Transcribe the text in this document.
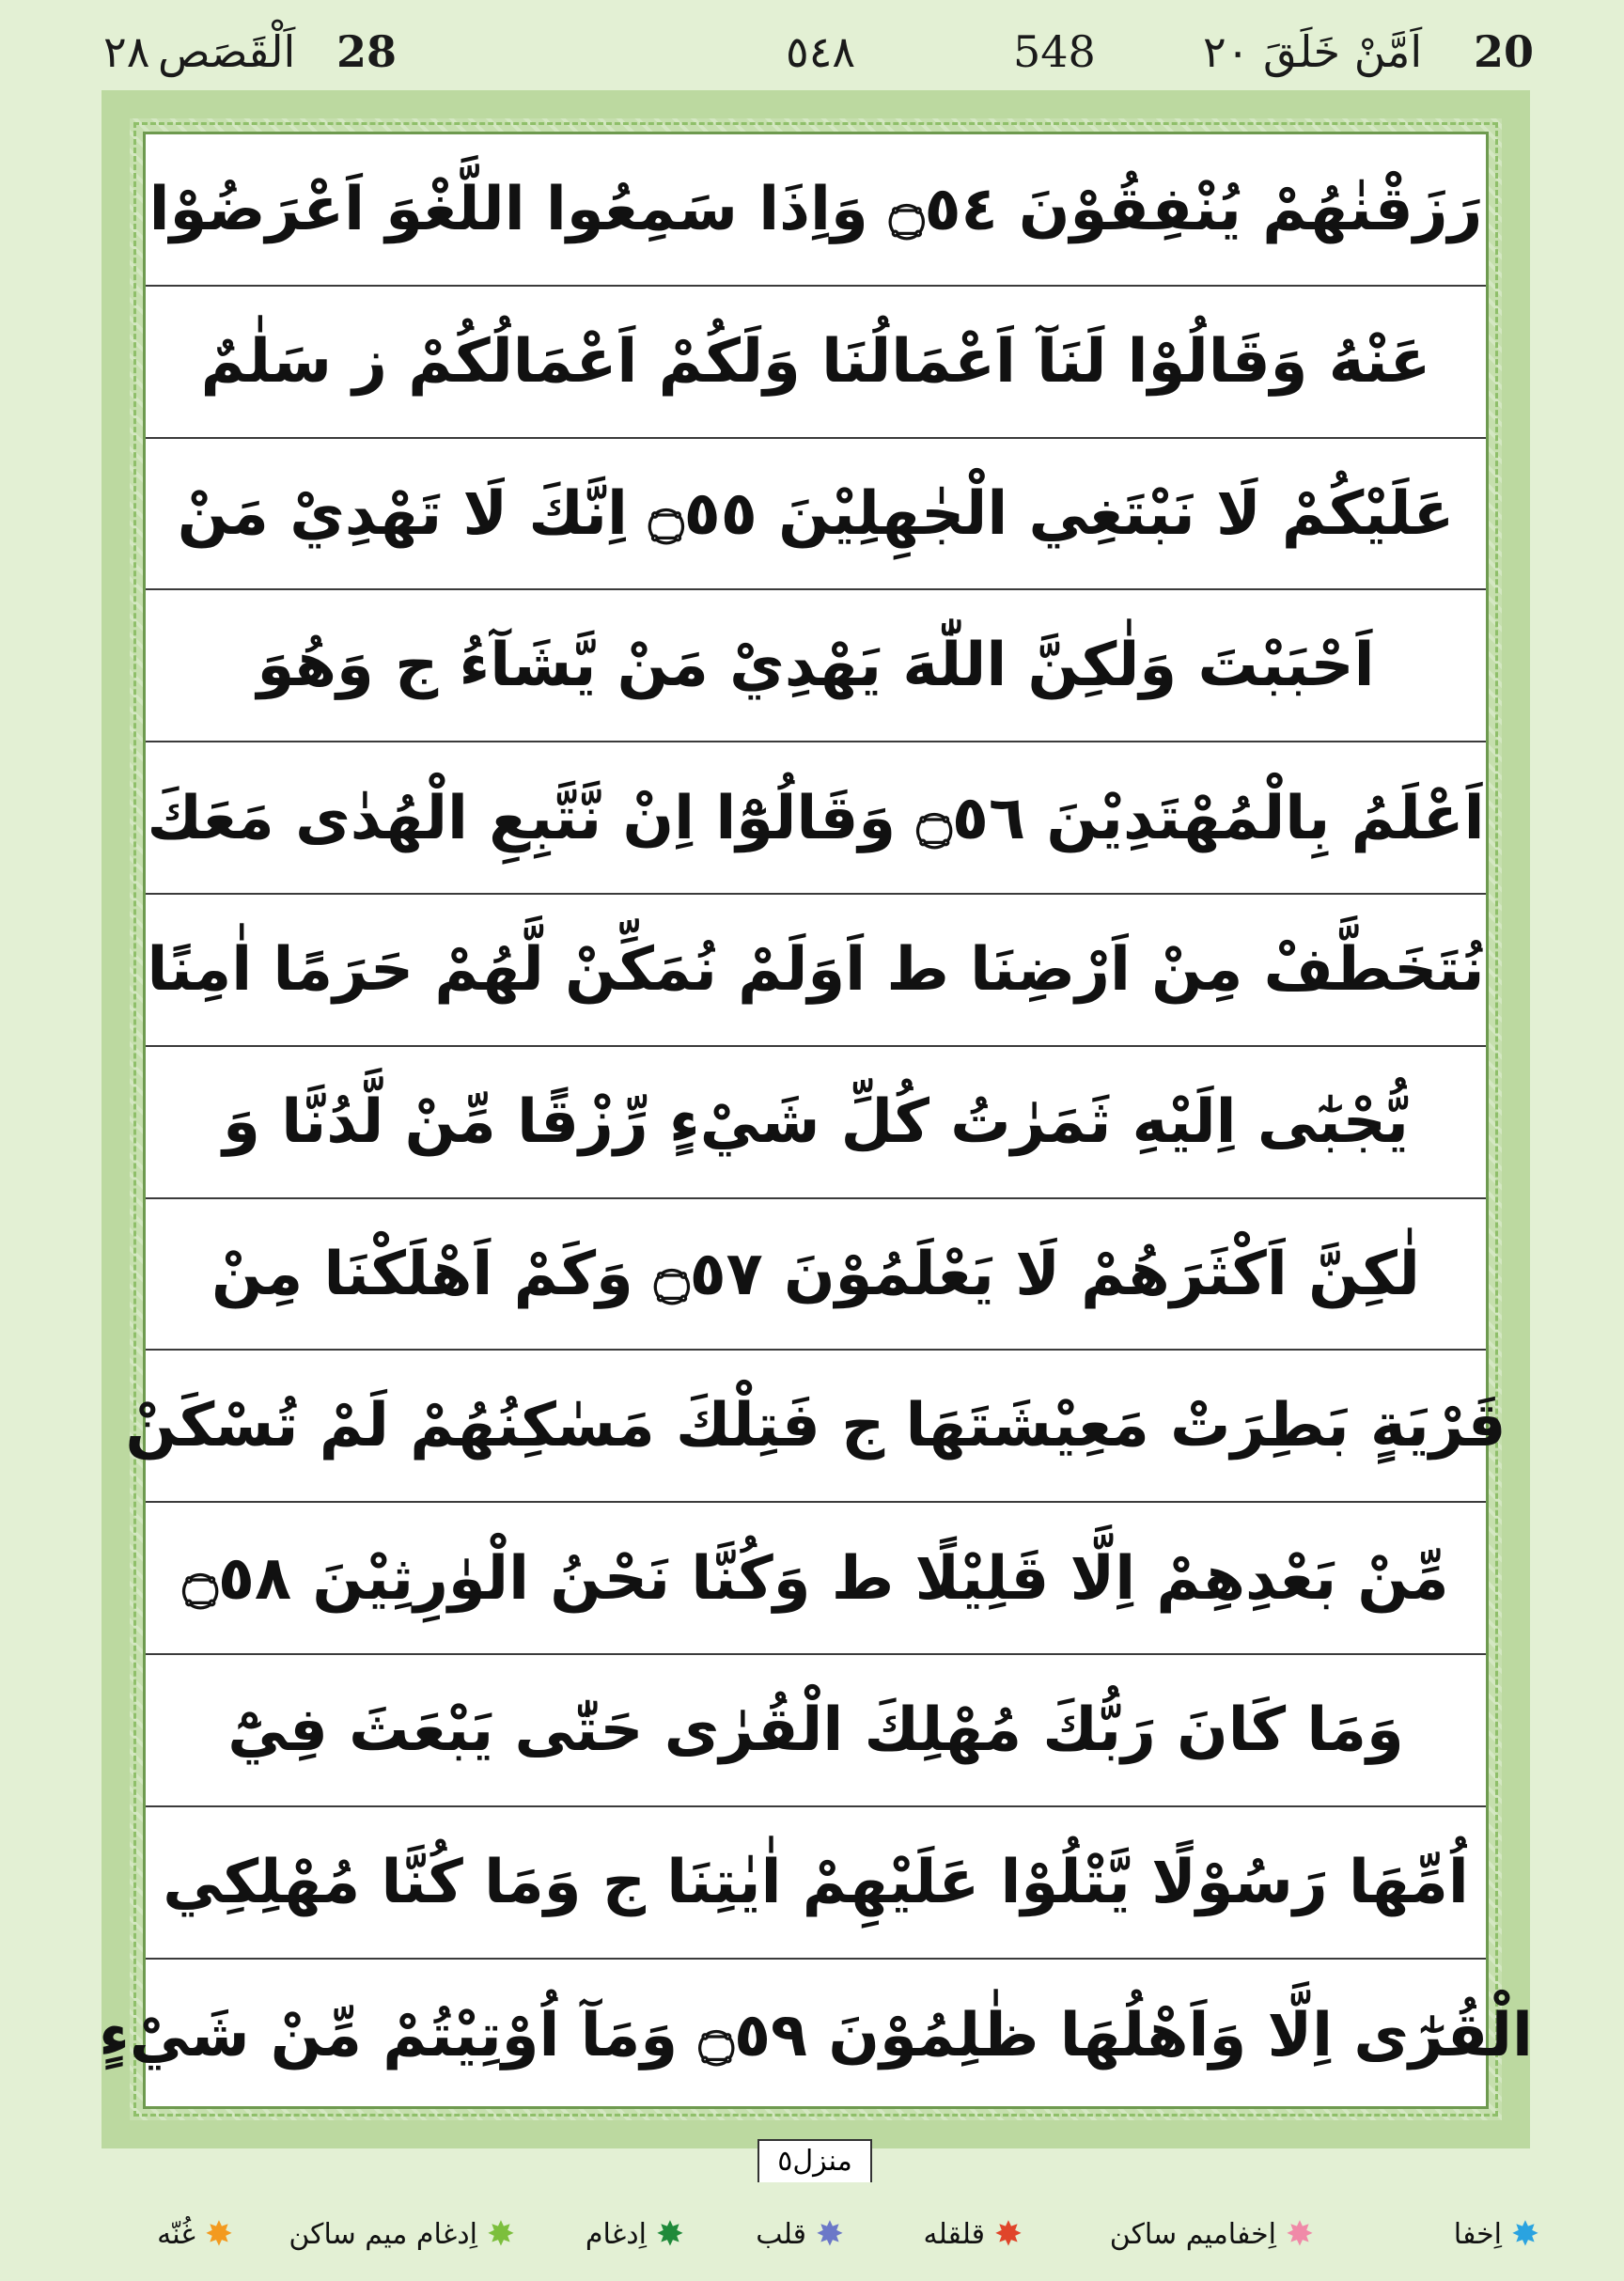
20
اَمَّنْ خَلَقَ ٢٠
548
٥٤٨
28
اَلْقَصَص
٢٨
رَزَقْنٰهُمْ يُنْفِقُوْنَ ۝٥٤ وَاِذَا سَمِعُوا اللَّغْوَ اَعْرَضُوْا
عَنْهُ وَقَالُوْا لَنَآ اَعْمَالُنَا وَلَكُمْ اَعْمَالُكُمْ ز سَلٰمٌ
عَلَيْكُمْ لَا نَبْتَغِي الْجٰهِلِيْنَ ۝٥٥ اِنَّكَ لَا تَهْدِيْ مَنْ
اَحْبَبْتَ وَلٰكِنَّ اللّٰهَ يَهْدِيْ مَنْ يَّشَآءُ ج وَهُوَ
اَعْلَمُ بِالْمُهْتَدِيْنَ ۝٥٦ وَقَالُوْٓا اِنْ نَّتَّبِعِ الْهُدٰى مَعَكَ
نُتَخَطَّفْ مِنْ اَرْضِنَا ط اَوَلَمْ نُمَكِّنْ لَّهُمْ حَرَمًا اٰمِنًا
يُّجْبٰٓى اِلَيْهِ ثَمَرٰتُ كُلِّ شَيْءٍ رِّزْقًا مِّنْ لَّدُنَّا وَ
لٰكِنَّ اَكْثَرَهُمْ لَا يَعْلَمُوْنَ ۝٥٧ وَكَمْ اَهْلَكْنَا مِنْ
قَرْيَةٍ بَطِرَتْ مَعِيْشَتَهَا ج فَتِلْكَ مَسٰكِنُهُمْ لَمْ تُسْكَنْ
مِّنْ بَعْدِهِمْ اِلَّا قَلِيْلًا ط وَكُنَّا نَحْنُ الْوٰرِثِيْنَ ۝٥٨
وَمَا كَانَ رَبُّكَ مُهْلِكَ الْقُرٰى حَتّٰى يَبْعَثَ فِيْٓ
اُمِّهَا رَسُوْلًا يَّتْلُوْا عَلَيْهِمْ اٰيٰتِنَا ج وَمَا كُنَّا مُهْلِكِي
الْقُرٰٓى اِلَّا وَاَهْلُهَا ظٰلِمُوْنَ ۝٥٩ وَمَآ اُوْتِيْتُمْ مِّنْ شَيْءٍ
منزل٥
✸
اِخفا
✸
اِخفامیم ساکن
✸
قلقله
✸
قلب
✸
اِدغام
✸
اِدغام میم ساکن
✸
غُنّه
